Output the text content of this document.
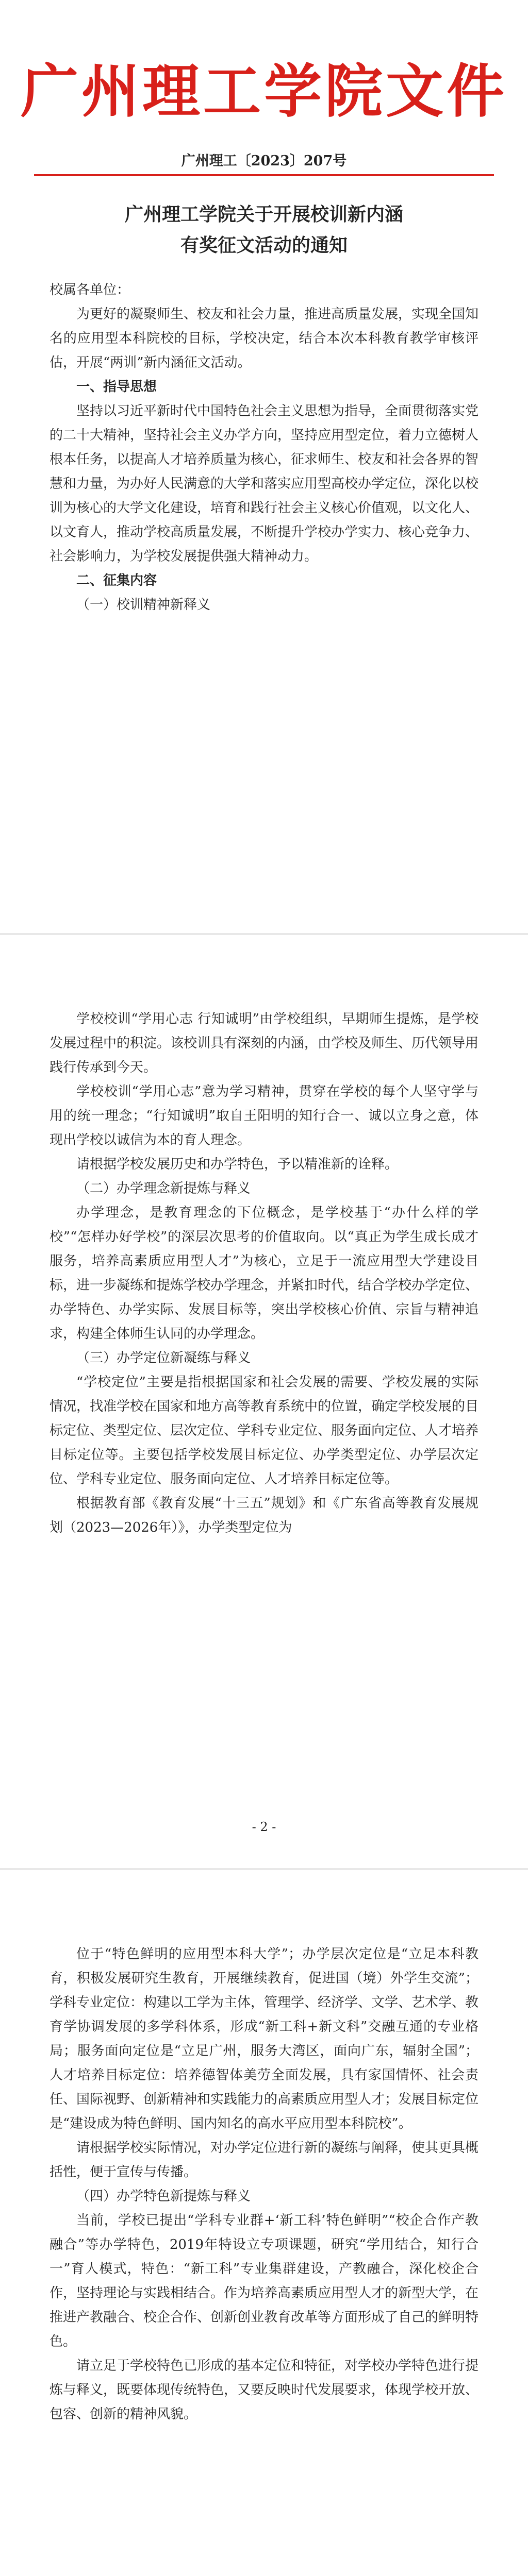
广州理工学院文件
广州理工〔2023〕207号
广州理工学院关于开展校训新内涵
有奖征文活动的通知

校属各单位：

为更好的凝聚师生、校友和社会力量，推进高质量发展，实现全国知名的应用型本科院校的目标，学校决定，结合本次本科教育教学审核评估，开展“两训”新内涵征文活动。

一、指导思想

坚持以习近平新时代中国特色社会主义思想为指导，全面贯彻落实党的二十大精神，坚持社会主义办学方向，坚持应用型定位，着力立德树人根本任务，以提高人才培养质量为核心，征求师生、校友和社会各界的智慧和力量，为办好人民满意的大学和落实应用型高校办学定位，深化以校训为核心的大学文化建设，培育和践行社会主义核心价值观，以文化人、以文育人，推动学校高质量发展，不断提升学校办学实力、核心竞争力、社会影响力，为学校发展提供强大精神动力。

二、征集内容
（一）校训精神新释义

学校校训“学用心志 行知诚明”由学校组织，早期师生提炼，是学校发展过程中的积淀。该校训具有深刻的内涵，由学校及师生、历代领导用践行传承到今天。

学校校训“学用心志”意为学习精神，贯穿在学校的每个人坚守学与用的统一理念；“行知诚明”取自王阳明的知行合一、诚以立身之意，体现出学校以诚信为本的育人理念。

请根据学校发展历史和办学特色，予以精准新的诠释。

（二）办学理念新提炼与释义

办学理念，是教育理念的下位概念，是学校基于“办什么样的学校”“怎样办好学校”的深层次思考的价值取向。以“真正为学生成长成才服务，培养高素质应用型人才”为核心，立足于一流应用型大学建设目标，进一步凝练和提炼学校办学理念，并紧扣时代，结合学校办学定位、办学特色、办学实际、发展目标等，突出学校核心价值、宗旨与精神追求，构建全体师生认同的办学理念。

（三）办学定位新凝练与释义

“学校定位”主要是指根据国家和社会发展的需要、学校发展的实际情况，找准学校在国家和地方高等教育系统中的位置，确定学校发展的目标定位、类型定位、层次定位、学科专业定位、服务面向定位、人才培养目标定位等。主要包括学校发展目标定位、办学类型定位、办学层次定位、学科专业定位、服务面向定位、人才培养目标定位等。

根据教育部《教育发展“十三五”规划》和《广东省高等教育发展规划（2023—2026年）》，办学类型定位为

- 2 -

位于“特色鲜明的应用型本科大学”；办学层次定位是“立足本科教育，积极发展研究生教育，开展继续教育，促进国（境）外学生交流”；学科专业定位：构建以工学为主体，管理学、经济学、文学、艺术学、教育学协调发展的多学科体系，形成“新工科+新文科”交融互通的专业格局；服务面向定位是“立足广州，服务大湾区，面向广东，辐射全国”；人才培养目标定位：培养德智体美劳全面发展，具有家国情怀、社会责任、国际视野、创新精神和实践能力的高素质应用型人才；发展目标定位是“建设成为特色鲜明、国内知名的高水平应用型本科院校”。

请根据学校实际情况，对办学定位进行新的凝练与阐释，使其更具概括性，便于宣传与传播。

（四）办学特色新提炼与释义

当前，学校已提出“学科专业群+‘新工科’特色鲜明”“校企合作产教融合”等办学特色，2019年特设立专项课题，研究“学用结合，知行合一”育人模式，特色：“新工科”专业集群建设，产教融合，深化校企合作，坚持理论与实践相结合。作为培养高素质应用型人才的新型大学，在推进产教融合、校企合作、创新创业教育改革等方面形成了自己的鲜明特色。

请立足于学校特色已形成的基本定位和特征，对学校办学特色进行提炼与释义，既要体现传统特色，又要反映时代发展要求，体现学校开放、包容、创新的精神风貌。
